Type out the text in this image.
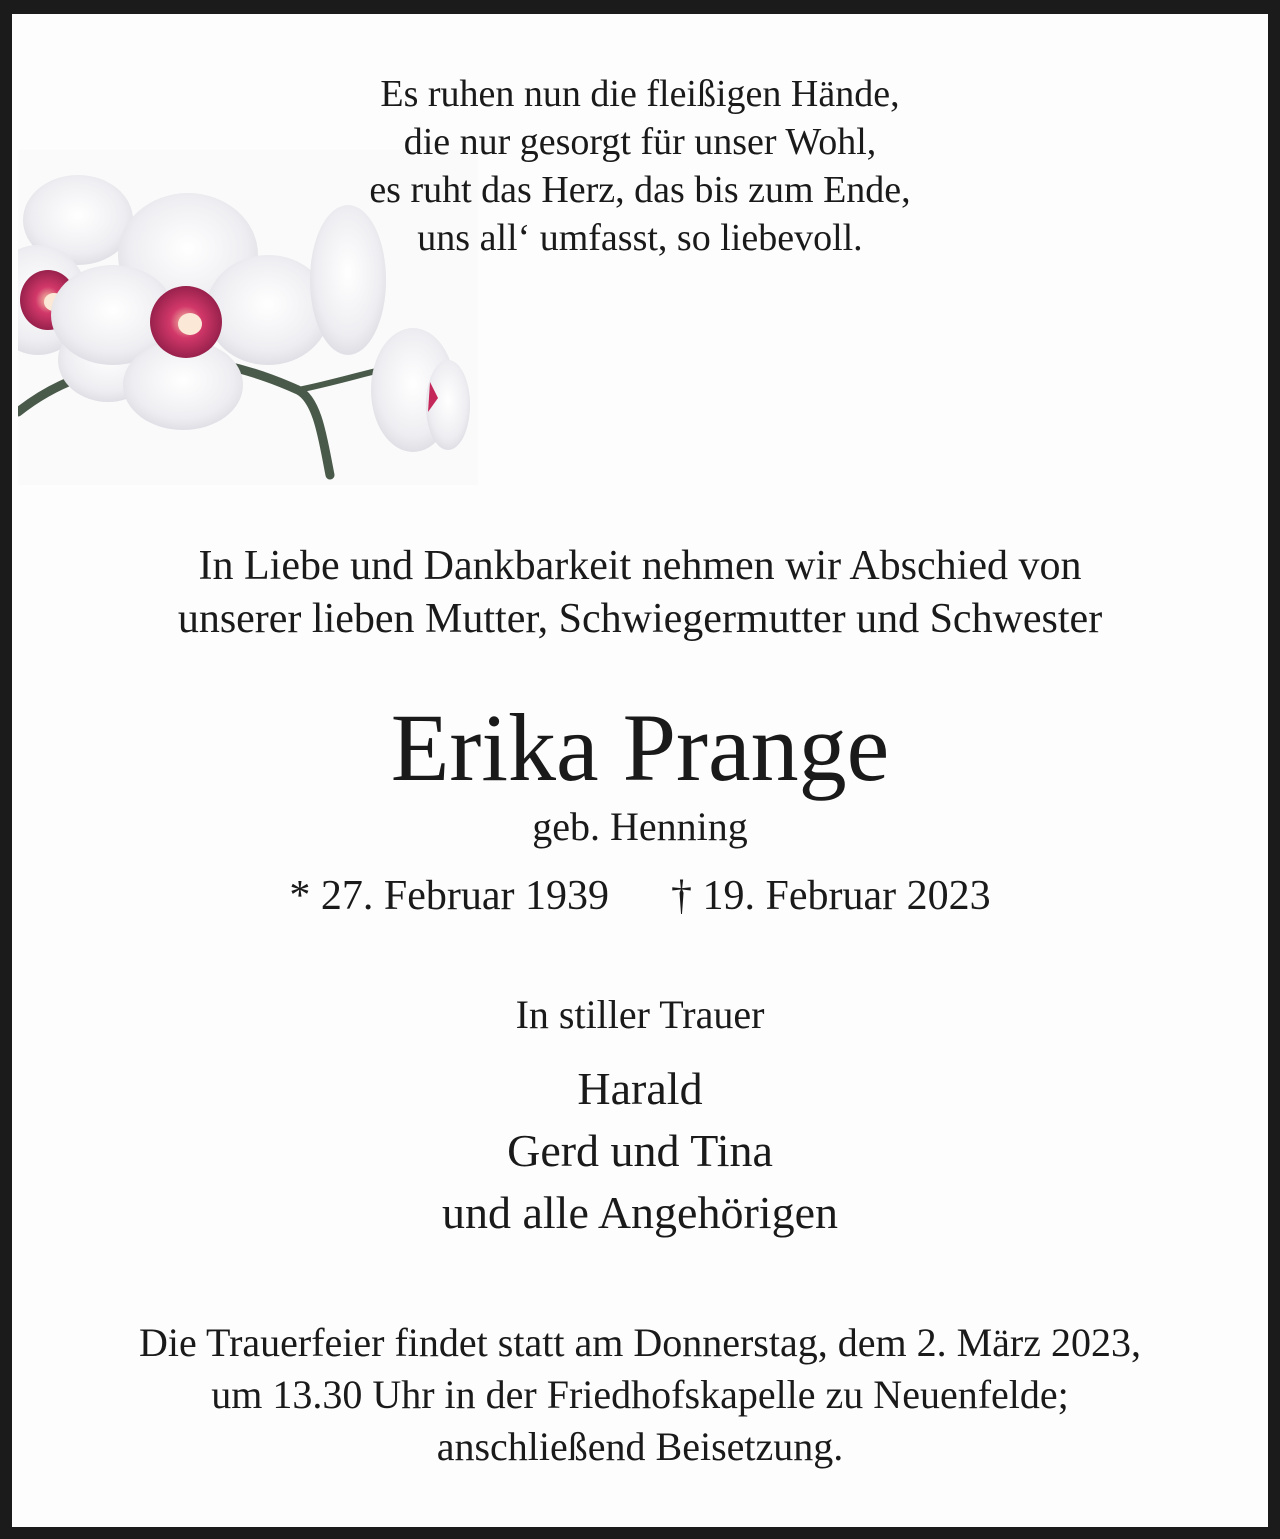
Es ruhen nun die fleißigen Hände,
die nur gesorgt für unser Wohl,
es ruht das Herz, das bis zum Ende,
uns all‘ umfasst, so liebevoll.
In Liebe und Dankbarkeit nehmen wir Abschied von
unserer lieben Mutter, Schwiegermutter und Schwester
Erika Prange
geb. Henning
* 27. Februar 1939 † 19. Februar 2023
In stiller Trauer
Harald
Gerd und Tina
und alle Angehörigen
Die Trauerfeier findet statt am Donnerstag, dem 2. März 2023,
um 13.30 Uhr in der Friedhofskapelle zu Neuenfelde;
anschließend Beisetzung.
